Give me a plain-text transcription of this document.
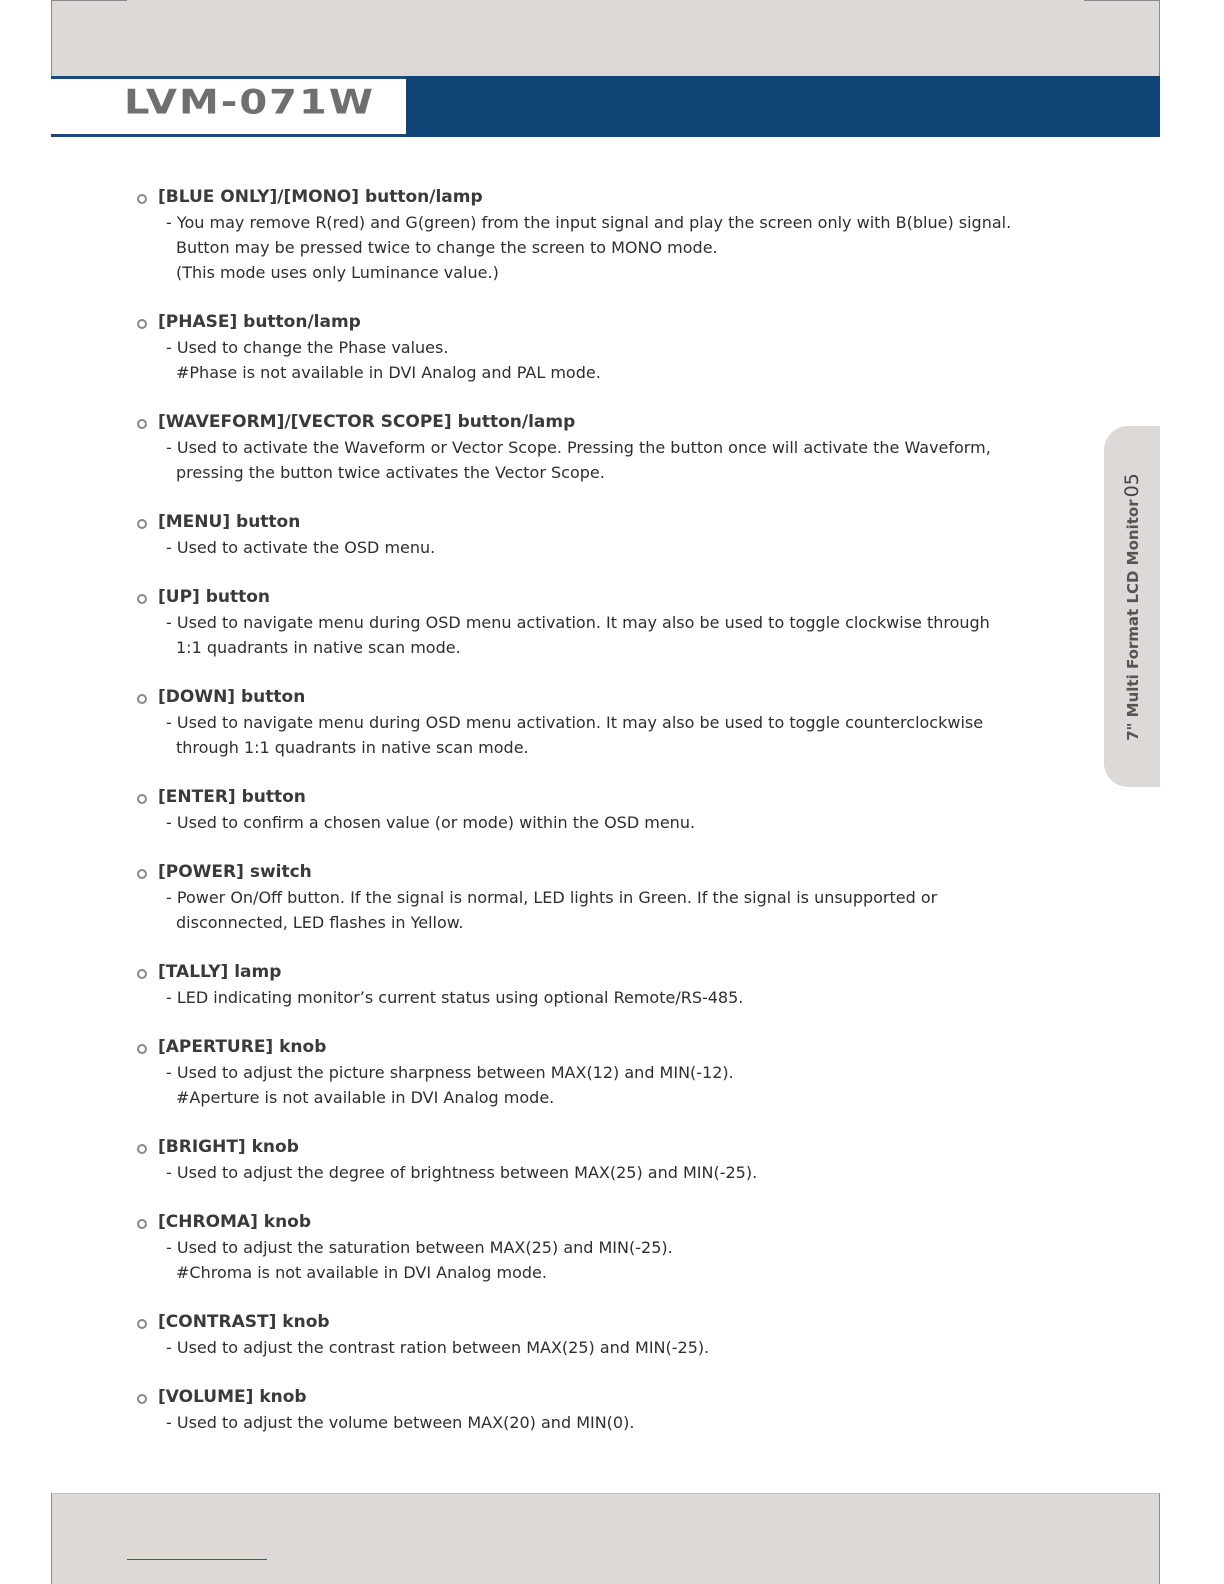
LVM-071W
7" Multi Format LCD Monitor05
[BLUE ONLY]/[MONO] button/lamp
- You may remove R(red) and G(green) from the input signal and play the screen only with B(blue) signal.
Button may be pressed twice to change the screen to MONO mode.
(This mode uses only Luminance value.)
[PHASE] button/lamp
- Used to change the Phase values.
#Phase is not available in DVI Analog and PAL mode.
[WAVEFORM]/[VECTOR SCOPE] button/lamp
- Used to activate the Waveform or Vector Scope. Pressing the button once will activate the Waveform,
pressing the button twice activates the Vector Scope.
[MENU] button
- Used to activate the OSD menu.
[UP] button
- Used to navigate menu during OSD menu activation. It may also be used to toggle clockwise through
1:1 quadrants in native scan mode.
[DOWN] button
- Used to navigate menu during OSD menu activation. It may also be used to toggle counterclockwise
through 1:1 quadrants in native scan mode.
[ENTER] button
- Used to confirm a chosen value (or mode) within the OSD menu.
[POWER] switch
- Power On/Off button. If the signal is normal, LED lights in Green. If the signal is unsupported or
disconnected, LED flashes in Yellow.
[TALLY] lamp
- LED indicating monitor’s current status using optional Remote/RS-485.
[APERTURE] knob
- Used to adjust the picture sharpness between MAX(12) and MIN(-12).
#Aperture is not available in DVI Analog mode.
[BRIGHT] knob
- Used to adjust the degree of brightness between MAX(25) and MIN(-25).
[CHROMA] knob
- Used to adjust the saturation between MAX(25) and MIN(-25).
#Chroma is not available in DVI Analog mode.
[CONTRAST] knob
- Used to adjust the contrast ration between MAX(25) and MIN(-25).
[VOLUME] knob
- Used to adjust the volume between MAX(20) and MIN(0).
